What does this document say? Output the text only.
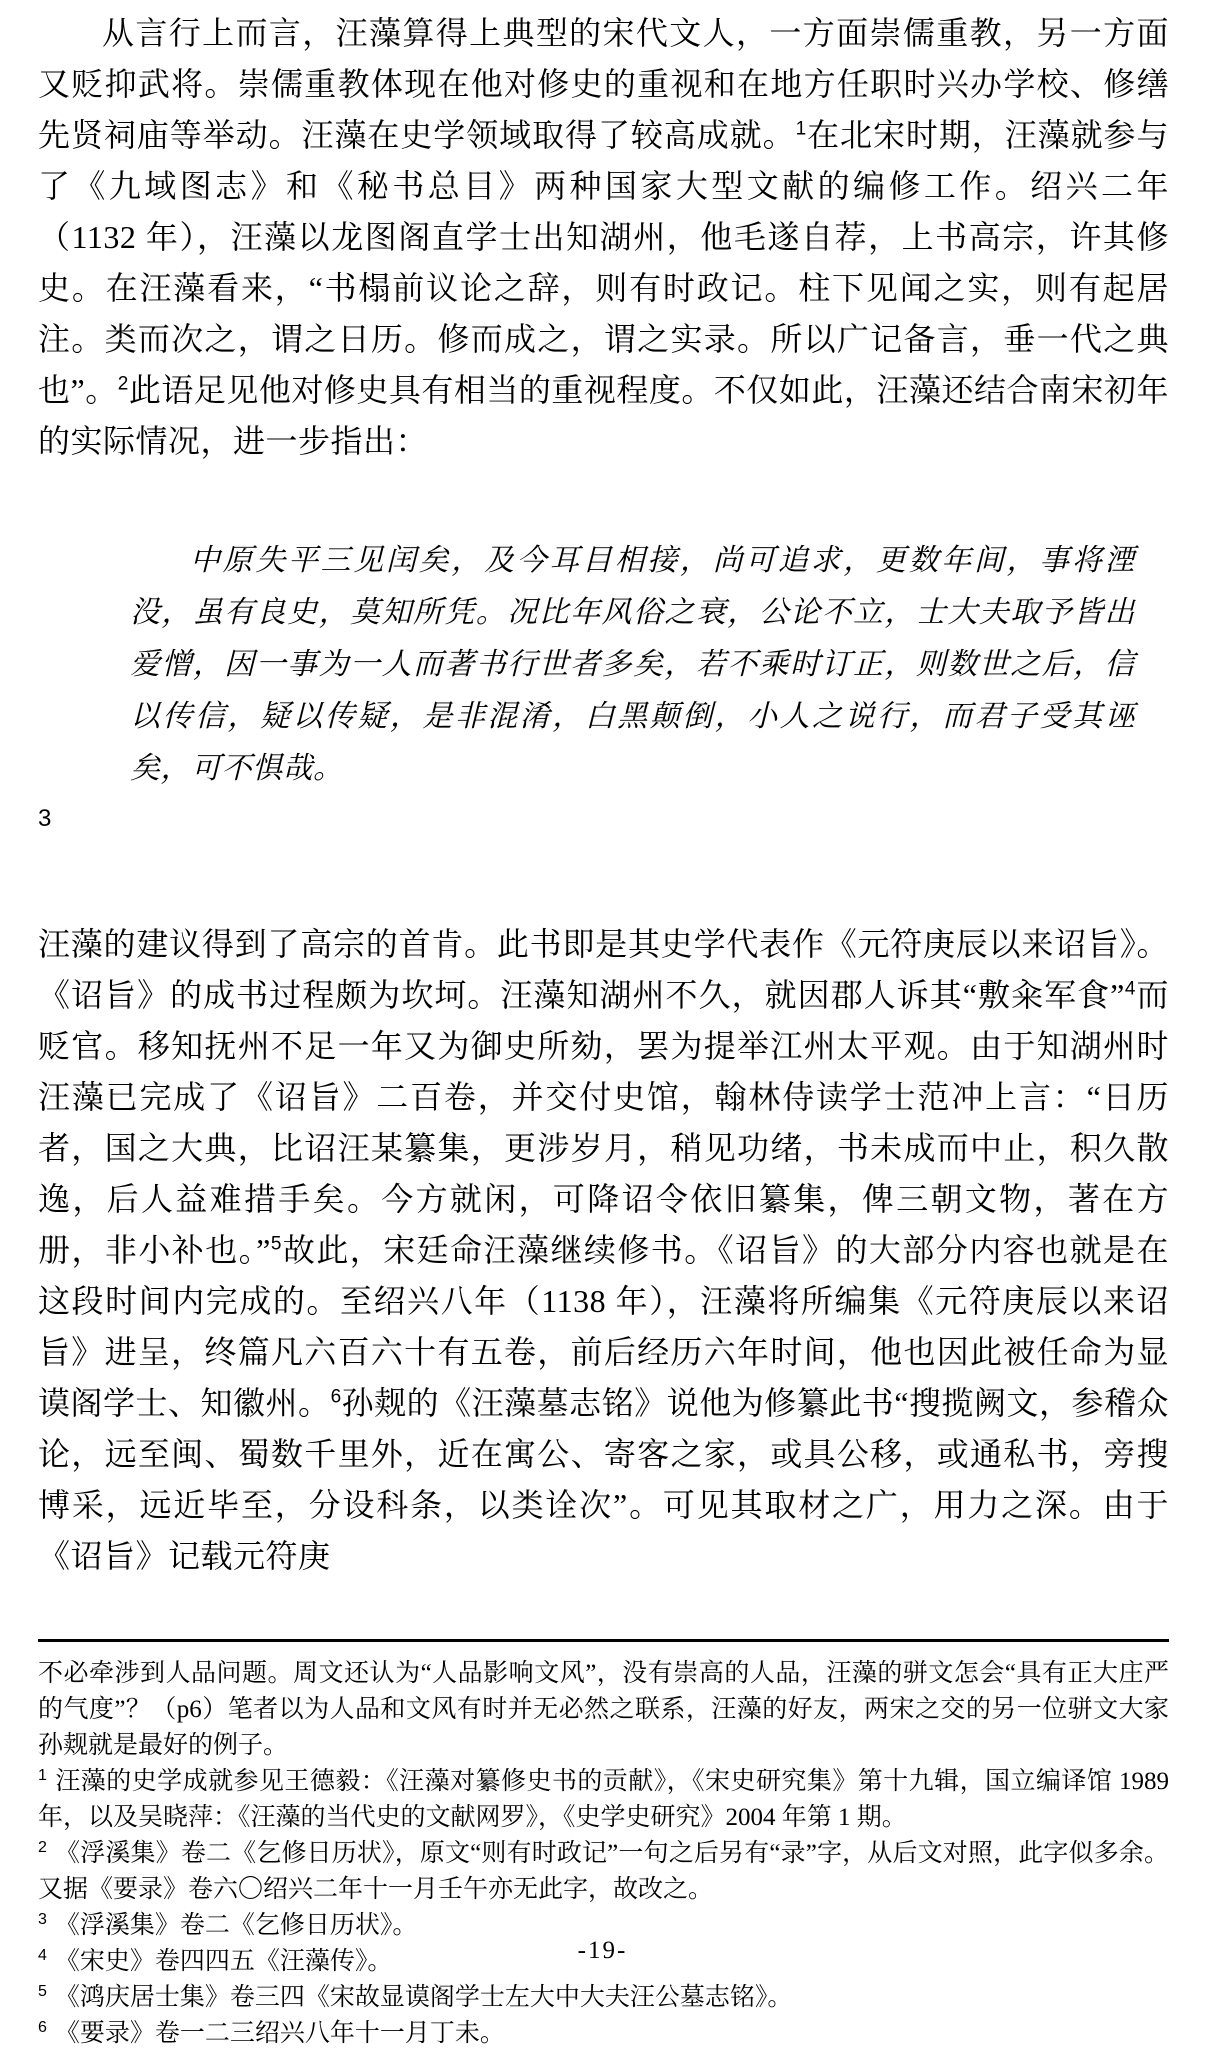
从言行上而言，汪藻算得上典型的宋代文人，一方面崇儒重教，另一方面又贬抑武将。崇儒重教体现在他对修史的重视和在地方任职时兴办学校、修缮先贤祠庙等举动。汪藻在史学领域取得了较高成就。$^1$在北宋时期，汪藻就参与了《九域图志》和《秘书总目》两种国家大型文献的编修工作。绍兴二年（1132 年），汪藻以龙图阁直学士出知湖州，他毛遂自荐，上书高宗，许其修史。在汪藻看来，“书榻前议论之辞，则有时政记。柱下见闻之实，则有起居注。类而次之，谓之日历。修而成之，谓之实录。所以广记备言，垂一代之典也”。$^2$此语足见他对修史具有相当的重视程度。不仅如此，汪藻还结合南宋初年的实际情况，进一步指出：

中原失平三见闰矣，及今耳目相接，尚可追求，更数年间，事将湮没，虽有良史，莫知所凭。况比年风俗之衰，公论不立，士大夫取予皆出爱憎，因一事为一人而著书行世者多矣，若不乘时订正，则数世之后，信以传信，疑以传疑，是非混淆，白黑颠倒，小人之说行，而君子受其诬矣，可不惧哉。
3

汪藻的建议得到了高宗的首肯。此书即是其史学代表作《元符庚辰以来诏旨》。《诏旨》的成书过程颇为坎坷。汪藻知湖州不久，就因郡人诉其“敷籴军食”$^4$而贬官。移知抚州不足一年又为御史所劾，罢为提举江州太平观。由于知湖州时汪藻已完成了《诏旨》二百卷，并交付史馆，翰林侍读学士范冲上言：“日历者，国之大典，比诏汪某纂集，更涉岁月，稍见功绪，书未成而中止，积久散逸，后人益难措手矣。今方就闲，可降诏令依旧纂集，俾三朝文物，著在方册，非小补也。”$^5$故此，宋廷命汪藻继续修书。《诏旨》的大部分内容也就是在这段时间内完成的。至绍兴八年（1138 年），汪藻将所编集《元符庚辰以来诏旨》进呈，终篇凡六百六十有五卷，前后经历六年时间，他也因此被任命为显谟阁学士、知徽州。$^6$孙觌的《汪藻墓志铭》说他为修纂此书“搜揽阙文，参稽众论，远至闽、蜀数千里外，近在寓公、寄客之家，或具公移，或通私书，旁搜博采，远近毕至，分设科条，以类诠次”。可见其取材之广，用力之深。由于《诏旨》记载元符庚

不必牵涉到人品问题。周文还认为“人品影响文风”，没有崇高的人品，汪藻的骈文怎会“具有正大庄严的气度”？（p6）笔者以为人品和文风有时并无必然之联系，汪藻的好友，两宋之交的另一位骈文大家孙觌就是最好的例子。

$^1$ 汪藻的史学成就参见王德毅：《汪藻对纂修史书的贡献》，《宋史研究集》第十九辑，国立编译馆 1989 年，以及吴晓萍：《汪藻的当代史的文献网罗》，《史学史研究》2004 年第 1 期。

$^2$ 《浮溪集》卷二《乞修日历状》，原文“则有时政记”一句之后另有“录”字，从后文对照，此字似多余。又据《要录》卷六〇绍兴二年十一月壬午亦无此字，故改之。

$^3$ 《浮溪集》卷二《乞修日历状》。

$^4$ 《宋史》卷四四五《汪藻传》。

$^5$ 《鸿庆居士集》卷三四《宋故显谟阁学士左大中大夫汪公墓志铭》。

$^6$ 《要录》卷一二三绍兴八年十一月丁未。

-19-
